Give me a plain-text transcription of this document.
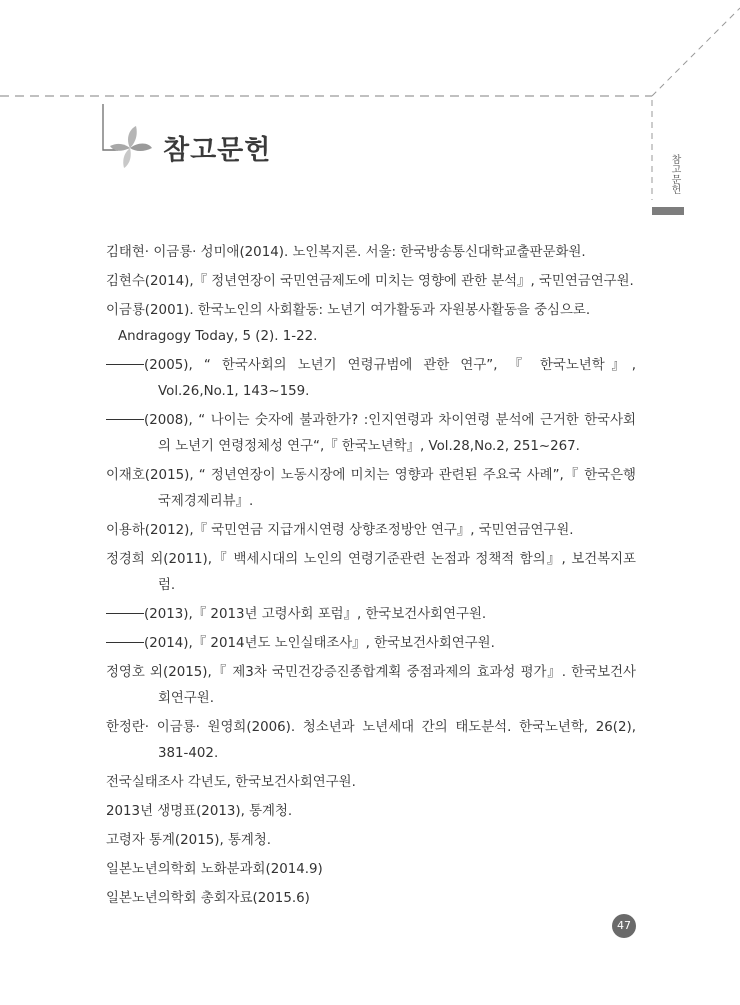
참고문헌
참고문헌
김태현· 이금룡· 성미애(2014). 노인복지론. 서울: 한국방송통신대학교출판문화원.
김현수(2014),『 정년연장이 국민연금제도에 미치는 영향에 관한 분석』, 국민연금연구원.
이금룡(2001). 한국노인의 사회활동: 노년기 여가활동과 자원봉사활동을 중심으로.
Andragogy Today, 5 (2). 1-22.
(2005), “ 한국사회의 노년기 연령규범에 관한 연구”, 『 한국노년학』, Vol.26,No.1, 143~159.
(2008), “ 나이는 숫자에 불과한가? :인지연령과 차이연령 분석에 근거한 한국사회의 노년기 연령정체성 연구“,『 한국노년학』, Vol.28,No.2, 251~267.
이재호(2015), “ 정년연장이 노동시장에 미치는 영향과 관련된 주요국 사례”,『 한국은행국제경제리뷰』.
이용하(2012),『 국민연금 지급개시연령 상향조정방안 연구』, 국민연금연구원.
정경희 외(2011),『 백세시대의 노인의 연령기준관련 논점과 정책적 함의』, 보건복지포럼.
(2013),『 2013년 고령사회 포럼』, 한국보건사회연구원.
(2014),『 2014년도 노인실태조사』, 한국보건사회연구원.
정영호 외(2015),『 제3차 국민건강증진종합계획 중점과제의 효과성 평가』. 한국보건사회연구원.
한정란· 이금룡· 원영희(2006). 청소년과 노년세대 간의 태도분석. 한국노년학, 26(2), 381-402.
전국실태조사 각년도, 한국보건사회연구원.
2013년 생명표(2013), 통계청.
고령자 통계(2015), 통계청.
일본노년의학회 노화분과회(2014.9)
일본노년의학회 총회자료(2015.6)
47
